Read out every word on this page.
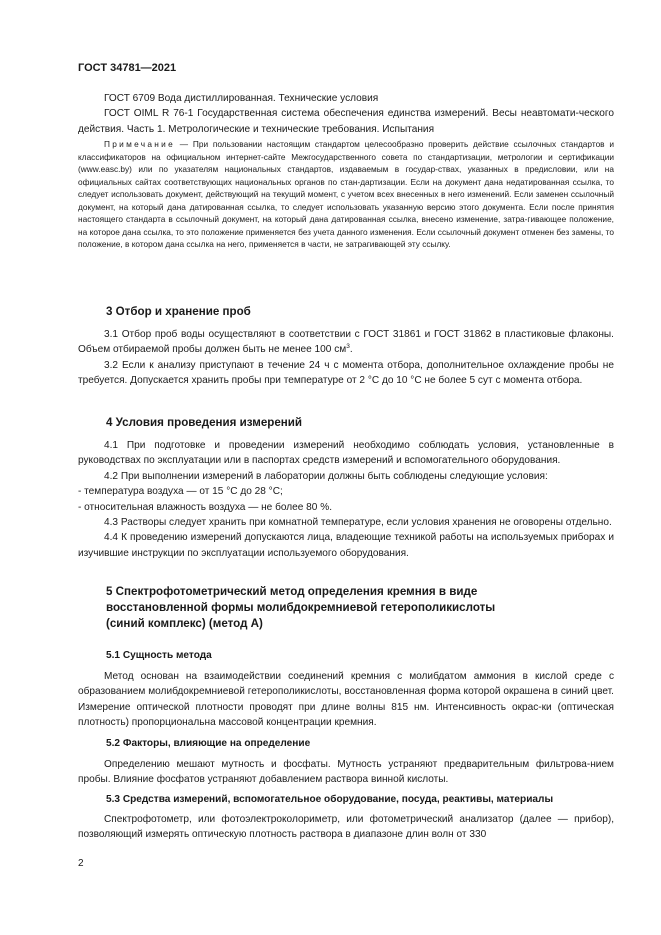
ГОСТ 34781—2021

ГОСТ 6709 Вода дистиллированная. Технические условия

ГОСТ OIML R 76-1 Государственная система обеспечения единства измерений. Весы неавтомати-ческого действия. Часть 1. Метрологические и технические требования. Испытания

Примечание — При пользовании настоящим стандартом целесообразно проверить действие ссылочных стандартов и классификаторов на официальном интернет-сайте Межгосударственного совета по стандартизации, метрологии и сертификации (www.easc.by) или по указателям национальных стандартов, издаваемым в государ-ствах, указанных в предисловии, или на официальных сайтах соответствующих национальных органов по стан-дартизации. Если на документ дана недатированная ссылка, то следует использовать документ, действующий на текущий момент, с учетом всех внесенных в него изменений. Если заменен ссылочный документ, на который дана датированная ссылка, то следует использовать указанную версию этого документа. Если после принятия настоящего стандарта в ссылочный документ, на который дана датированная ссылка, внесено изменение, затра-гивающее положение, на которое дана ссылка, то это положение применяется без учета данного изменения. Если ссылочный документ отменен без замены, то положение, в котором дана ссылка на него, применяется в части, не затрагивающей эту ссылку.

3 Отбор и хранение проб

3.1 Отбор проб воды осуществляют в соответствии с ГОСТ 31861 и ГОСТ 31862 в пластиковые флаконы. Объем отбираемой пробы должен быть не менее 100 $см^3$.

3.2 Если к анализу приступают в течение 24 ч с момента отбора, дополнительное охлаждение пробы не требуется. Допускается хранить пробы при температуре от 2 °С до 10 °С не более 5 сут с момента отбора.

4 Условия проведения измерений

4.1 При подготовке и проведении измерений необходимо соблюдать условия, установленные в руководствах по эксплуатации или в паспортах средств измерений и вспомогательного оборудования.

4.2 При выполнении измерений в лаборатории должны быть соблюдены следующие условия:

- температура воздуха — от 15 °С до 28 °С;

- относительная влажность воздуха — не более 80 %.

4.3 Растворы следует хранить при комнатной температуре, если условия хранения не оговорены отдельно.

4.4 К проведению измерений допускаются лица, владеющие техникой работы на используемых приборах и изучившие инструкции по эксплуатации используемого оборудования.

5 Спектрофотометрический метод определения кремния в виде
восстановленной формы молибдокремниевой гетерополикислоты
(синий комплекс) (метод А)
5.1 Сущность метода

Метод основан на взаимодействии соединений кремния с молибдатом аммония в кислой среде с образованием молибдокремниевой гетерополикислоты, восстановленная форма которой окрашена в синий цвет. Измерение оптической плотности проводят при длине волны 815 нм. Интенсивность окрас-ки (оптическая плотность) пропорциональна массовой концентрации кремния.

5.2 Факторы, влияющие на определение

Определению мешают мутность и фосфаты. Мутность устраняют предварительным фильтрова-нием пробы. Влияние фосфатов устраняют добавлением раствора винной кислоты.

5.3 Средства измерений, вспомогательное оборудование, посуда, реактивы, материалы

Спектрофотометр, или фотоэлектроколориметр, или фотометрический анализатор (далее — прибор), позволяющий измерять оптическую плотность раствора в диапазоне длин волн от 330

2
